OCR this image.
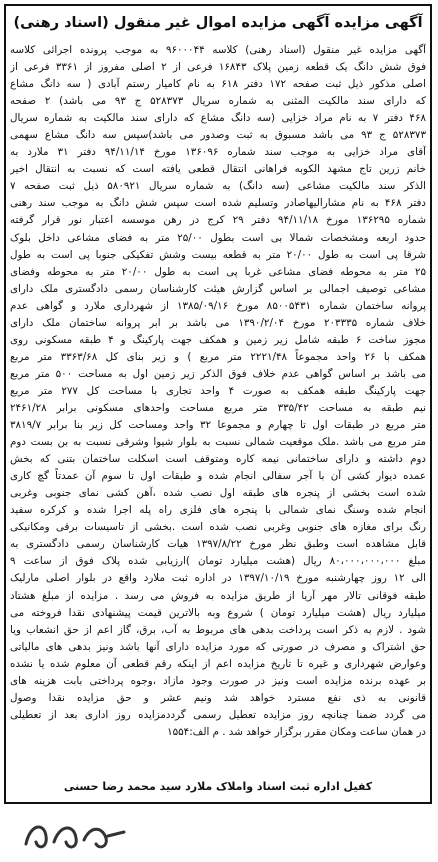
آگهی مزایده آگهی مزایده اموال غیر منقول (اسناد رهنی)
آگهی مزایده غیر منقول (اسناد رهنی) کلاسه ۹۶۰۰۰۴۴ به موجب پرونده اجرائی کلاسه
فوق شش دانگ یک قطعه زمین پلاک ۱۶۸۴۳ فرعی از ۲ اصلی مفروز از ۳۳۶۱ فرعی از
اصلی مذکور ذیل ثبت صفحه ۱۷۲ دفتر ۶۱۸ به نام کامیار رستم آبادی ( سه دانگ مشاع
که دارای سند مالکیت المثنی به شماره سریال ۵۲۸۳۷۳ ج ۹۳ می باشد) ۲ صفحه
۴۶۸ دفتر ۷ به نام مراد خزایی (سه دانگ مشاع که دارای سند مالکیت به شماره سریال
۵۲۸۳۷۳ ج ۹۳ می باشد مسبوق به ثبت وصدور می باشد)سپس سه دانگ مشاع سهمی
آقای مراد خزایی به موجب سند شماره ۱۳۶۰۹۶ مورخ ۹۴/۱۱/۱۴ دفتر ۳۱ ملارد به
خانم زرین تاج مشهد الکوبه فراهانی انتقال قطعی یافته است که نسبت به انتقال اخیر
الذکر سند مالکیت مشاعی (سه دانگ) به شماره سریال ۵۸۰۹۲۱ ذیل ثبت صفحه ۷
دفتر ۴۶۸ به نام مشارالیهاصادر وتسلیم شده است سپس شش دانگ به موجب سند رهنی
شماره ۱۳۶۲۹۵ مورخ ۹۴/۱۱/۱۸ دفتر ۲۹ کرج در رهن موسسه اعتبار نور قرار گرفته
حدود اربعه ومشخصات شمالا بی است بطول ۲۵/۰۰ متر به فضای مشاعی داخل بلوک
شرقا پی است به طول ۲۰/۰۰ متر به قطعه بیست وشش تفکیکی جنوبا پی است به طول
۲۵ متر به محوطه فضای مشاعی غربا پی است به طول ۲۰/۰۰ متر به محوطه وفضای
مشاعی توصیف اجمالی بر اساس گزارش هیئت کارشناسان رسمی دادگستری ملک دارای
پروانه ساختمان شماره ۸۵۰۰۵۴۳۱ مورخ ۱۳۸۵/۰۹/۱۶ از شهرداری ملارد و گواهی عدم
خلاف شماره ۲۰۳۳۳۵ مورخ ۱۳۹۰/۲/۰۴ می باشد بر ابر پروانه ساختمان ملک دارای
مجوز ساخت ۶ طبقه شامل زیر زمین و همکف جهت پارکینگ و ۴ طبقه مسکونی روی
همکف با ۲۶ واحد مجموعاً ۲۲۲۱/۴۸ متر مربع ) و زیر بنای کل ۳۳۶۳/۶۸ متر مربع
می باشد بر اساس گواهی عدم خلاف فوق الذکر زیر زمین اول به مساحت ۵۰۰ متر مربع
جهت پارکینگ طبقه همکف به صورت ۴ واحد تجاری با مساحت کل ۲۷۷ متر مربع
نیم طبقه به مساحت ۳۳۵/۴۲ متر مربع مساحت واحدهای مسکونی برابر ۲۴۶۱/۲۸
متر مربع در طبقات اول تا چهارم و مجموعا ۳۲ واحد ومساحت کل زیر بنا برابر ۳۸۱۹/۷
متر مربع می باشد .ملک موقعیت شمالی نسبت به بلوار شیوا وشرقی نسبت به بن بست دوم
دوم داشته و دارای ساختمانی نیمه کاره ومتوقف است اسکلت ساختمان بتنی که بخش
عمده دیوار کشی آن با آجر سفالی انجام شده و طبقات اول تا سوم آن عمدتاً گچ کاری
شده است بخشی از پنجره های طبقه اول نصب شده ،آهن کشی نمای جنوبی وغربی
انجام شده وسنگ نمای شمالی با پنجره های فلزی راه پله اجرا شده و کرکره سفید
رنگ برای مغازه های جنوبی وغربی نصب شده است .بخشی از تاسیسات برقی ومکانیکی
قابل مشاهده است وطبق نظر مورخ ۱۳۹۷/۸/۲۲ هیات کارشناسان رسمی دادگستری به
مبلغ ۸۰،۰۰۰،۰۰۰،۰۰۰ ریال (هشت میلیارد تومان )ارزیابی شده پلاک فوق از ساعت ۹
الی ۱۲ روز چهارشنبه مورخ ۱۳۹۷/۱۰/۱۹ در اداره ثبت ملارد واقع در بلوار اصلی مارلیک
طبقه فوقانی تالار مهر آریا از طریق مزایده به فروش می رسد . مزایده از مبلغ هشتاد
میلیارد ریال (هشت میلیارد تومان ) شروع وبه بالاترین قیمت پیشنهادی نقدا فروخته می
شود . لازم به ذکر است پرداخت بدهی های مربوط به آب، برق، گاز اعم از حق انشعاب ویا
حق اشتراک و مصرف در صورتی که مورد مزایده دارای آنها باشد ونیز بدهی های مالیاتی
وعوارض شهرداری و غیره تا تاریخ مزایده اعم از اینکه رقم قطعی آن معلوم شده یا نشده
بر عهده برنده مزایده است ونیز در صورت وجود مازاد ،وجوه پرداختی بابت هزینه های
قانونی به ذی نفع مسترد خواهد شد ونیم عشر و حق مزایده نقدا وصول
می گردد ضمنا چنانچه روز مزایده تعطیل رسمی گرددمزایده روز اداری بعد از تعطیلی
در همان ساعت ومکان مقرر برگزار خواهد شد . م الف:۱۵۵۴
کفیل اداره ثبت اسناد واملاک ملارد سید محمد رضا حسنی
